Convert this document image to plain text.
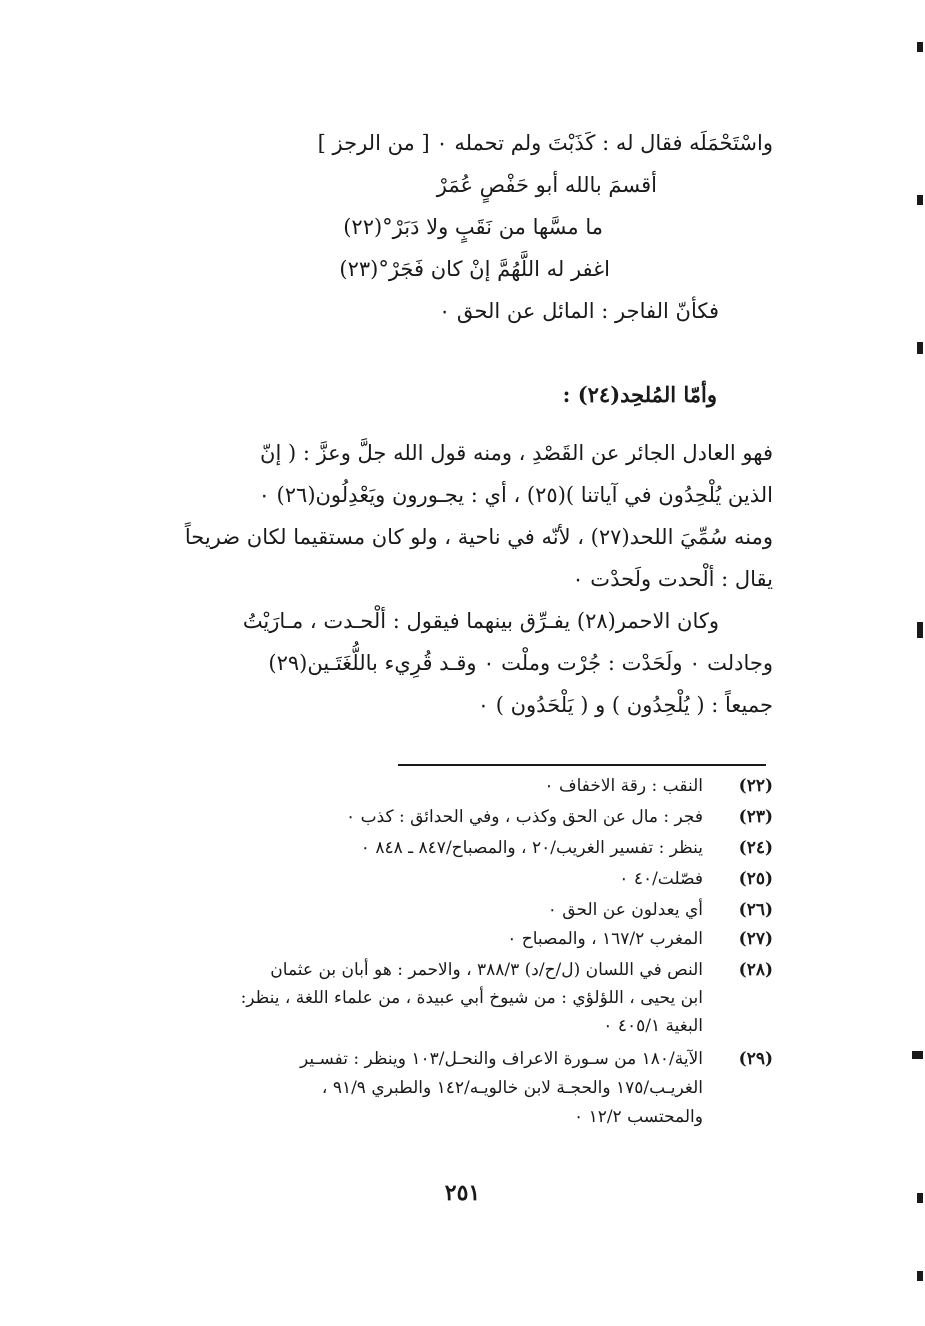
واسْتَحْمَلَه فقال له : كَذَبْتَ ولم تحمله ٠ [ من الرجز ]
أقسمَ بالله أبو حَفْصٍ عُمَرْ
ما مسَّها من نَقَبٍ ولا دَبَرْ°(٢٢)
اغفر له اللَّهُمَّ إنْ كان فَجَرْ°(٢٣)
فكأنّ الفاجر : المائل عن الحق ٠
وأمّا المُلحِد(٢٤) :
فهو العادل الجائر عن القَصْدِ ، ومنه قول الله جلَّ وعزَّ : ( إنّ
الذين يُلْحِدُون في آياتنا )(٢٥) ، أي : يجـورون ويَعْدِلُون(٢٦) ٠
ومنه سُمِّيَ اللحد(٢٧) ، لأنّه في ناحية ، ولو كان مستقيما لكان ضريحاً
يقال : ألْحدت ولَحدْت ٠
وكان الاحمر(٢٨) يفـرِّق بينهما فيقول : ألْحـدت ، مـارَيْتُ
وجادلت ٠ ولَحَدْت : جُرْت وملْت ٠ وقـد قُرِيء باللُّغَتَـين(٢٩)
جميعاً : ( يُلْحِدُون ) و ( يَلْحَدُون ) ٠
(٢٢)
النقب : رقة الاخفاف ٠
(٢٣)
فجر : مال عن الحق وكذب ، وفي الحدائق : كذب ٠
(٢٤)
ينظر : تفسير الغريب/٢٠ ، والمصباح/٨٤٧ ـ ٨٤٨ ٠
(٢٥)
فصّلت/٤٠ ٠
(٢٦)
أي يعدلون عن الحق ٠
(٢٧)
المغرب ١٦٧/٢ ، والمصباح ٠
(٢٨)
النص في اللسان (ل/ح/د) ٣٨٨/٣ ، والاحمر : هو أبان بن عثمان
ابن يحيى ، اللؤلؤي : من شيوخ أبي عبيدة ، من علماء اللغة ، ينظر:
البغية ٤٠٥/١ ٠
(٢٩)
الآية/١٨٠ من سـورة الاعراف والنحـل/١٠٣ وينظر : تفسـير
الغريـب/١٧٥ والحجـة لابن خالويـه/١٤٢ والطبري ٩١/٩ ،
والمحتسب ١٢/٢ ٠
٢٥١
